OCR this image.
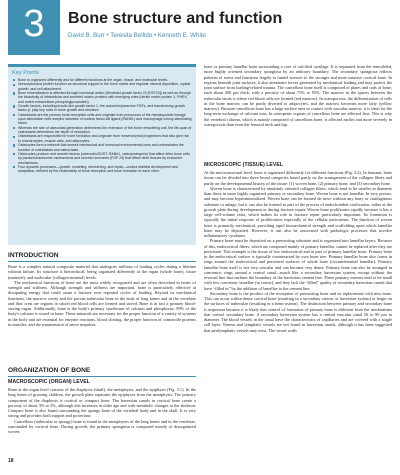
3	Bone structure and function
David B. Burr • Teresita Bellido • Kenneth E. White
Key Points
Bone is organized differently and for different functions at the organ, tissue, and molecular levels.
Nonculptocoica protein function as structural support in the bone matrix and regulate mineral deposition, crystal growth, and cell attachment.
Bone mineralization is affected through hormonal action (fibroblast growth factor 23 [FGF23]) as well as through the bioactivity of intracellular and secreted matrix proteins with emerging roles (dentin matrix protein 1, PHEX, and matrix extracellular phosphoglycoprotein).
Growth factors, including insulin-like growth factor 1, the autocrine/paracrine FGFs, and transforming growth factor-β, play key roles in bone growth and structure.
Osteoblasts are the primary bone-resorptive cells and originate from precursors of the hematopoietic lineage upon stimulation with receptor activator of nuclear factor-κB ligand (RANKL) and macrophage colony-stimulating factor.
Whereas the rate of osteoclast generation determines the extension of the bone remodeling unit, the life-span of osteoclasts determines the depth of resorption.
Osteoblasts are responsible for bone formation and originate from mesenchymal progenitors that also give rise to chondrocytes, muscle cells, and adipocytes.
Osteocytes form a network that senses mechanical and hormonal environmental cues and orchestrates the function of osteoblasts and osteoclasts.
Osteocytes produce and secrete factors (sclerostin/SOST, RANKL, osteoprotegerin) that affect other bone cells by paracrine/autocrine mechanisms and secrete hormones (FGF 23) that affect other tissues by endocrine mechanisms.
Four dynamic processes—growth, modeling, remodeling, and repair—control skeletal development and adaptation, defined by the relationship of bone resorption and bone formation to each other.
INTRODUCTION

Bone is a complex natural composite material that undergoes millions of loading cycles during a lifetime without failure. Its structure is hierarchical, being organized differently at the organ (whole bone), tissue (material), and molecular (collagen-mineral) levels.

The mechanical functions of bone are the most widely recognized and are often described in terms of strength and stiffness. Although strength and stiffness are important, bone is particularly effective at dissipating energy that could cause a fracture over repeated cycles of loading. Beyond its mechanical functions, the marrow cavity and the porous trabecular bone in the ends of long bones and in the vertebrae and iliac crest are regions in which red blood cells are formed and stored. Bone is in fact a primary blood-storing organ. Additionally, bone is the body's primary storehouse of calcium and phosphorus; 99% of the body's calcium is stored in bone. These minerals are necessary for the proper function of a variety of systems in the body and are essential for enzyme reactions, blood clotting, the proper function of contractile proteins in muscles, and the transmission of nerve impulses.

ORGANIZATION OF BONE
MACROSCOPIC (ORGAN) LEVEL

Bone at the organ level consists of the diaphysis (shaft), the metaphysis, and the epiphysis (Fig. 3.1). In the long bones of growing children, the growth plate separates the epiphyses from the metaphysis. The primary component of the diaphysis is cortical or compact bone. The haversian canals in cortical bone create a porosity of about 3% to 5%, although this increases in older age and with metabolic changes to the skeleton. Compact bone is also found surrounding the spongy bone of the vertebral body and in the skull. It is very strong and provides both support and protection.

Cancellous (trabecular or spongy) bone is found in the metaphyses of the long bones and in the vertebrae, surrounded by cortical bone. During growth, the primary spongiosa is composed mostly of disorganized woven

bone or primary lamellar bone surrounding a core of calcified cartilage. It is separated from the remodeled, more highly oriented secondary spongiosa by an arbitrary boundary. The secondary spongiosa reflects patterns of stress and functions largely to funnel stresses to the stronger and more massive cortical bone. In regions beneath joint surfaces, it also attenuates forces generated by mechanical loading and may protect the joint surface from loading-related trauma. The cancellous bone itself is composed of plates and rods of bone, each about 200 μm thick, with a porosity of about 75% to 95%. The marrow in the spaces between the trabecular struts is where red blood cells are formed (red marrow). In osteoporosis, the differentiation of cells in the bone marrow can be partly diverted to adipocytes, and the marrow becomes more fatty (yellow marrow). Because cancellous bone has a large surface area in contact with vascular marrow, it is ideal for the long-term exchange of calcium ions. In osteopenic regions of cancellous bone are affected first. This is why the vertebral column, which is mainly composed of cancellous bone, is affected earlier and more severely in osteoporosis than even the femoral neck and hip.

MICROSCOPIC (TISSUE) LEVEL

At the microstructural level, bone is organized differently for different functions (Fig. 3.2). In humans, bone tissue can be divided into three broad categories based partly on the arrangement of the collagen fibers and partly on the developmental history of the tissue: (1) woven bone, (2) primary bone, and (3) secondary bone.

Woven bone is characterized by randomly oriented collagen fibers, which tend to be smaller in diameter than those in more highly organized primary or secondary bone. Woven bone is not lamellar. In very porous, and may become hypermineralized. Woven bone can be formed de novo without any bony or cartilaginous substrate or anlage, but it can also be formed as part of the process of endochondral ossification, either at the growth plate during development or during fracture repair. Woven bone proliferates rapidly because it has a large cell-volume ratio, which makes its role in fracture repair particularly important. Its formation is typically the initial response of proliferation especially of the cellular periosteum. The function of woven bone is primarily mechanical, providing rapid biomechanical strength and scaffolding upon which lamellar bone may be deposited. However, it can also be associated with pathologic processes that involve inflammatory cytokines.

Primary bone must be deposited on a preexisting substrate and is organized into lamellar layers. Because of this, endocortical fibers, which are composed mainly of primary lamellar, cannot be replaced after they are periosteal. This example is the tissue of low endocortical and in part of primary lamellar bone. Primary bone in the endocortical surface is typically counteracted by own bone tree. Primary lamellar bone also forms in rings around the endocortical and periosteal surfaces of whole bone (circumferential lamellar). Primary lamellar bone itself is not very vascular and can become very dense. Primary bone can also be arranged in concentric rings around a central canal—much like a secondary haversian system, except without the reversal line that outlines the boundary of the haversian cement line. These primary osteons tend to be small with few concentric lamellae (in cortex), and they lack the “filled” quality of secondary haversian canals that have “filled in” by the addition of lamellae to the cement line.

Secondary bone is the product of the resorption of preexisting bone and its replacement with new bone. This can occur within dense cortical bone (resulting in a secondary osteon, or haversian system) or begin on the surfaces of trabeculae (resulting in a hemi-osteon). The distinction between primary and secondary bone is important because it is likely that control of formation of primary bone is different from the mechanisms that control secondary bone. A secondary haversian system has a central vascular canal 50 to 90 μm in diameter. The blood vessels in the canal have the characteristics of capillaries and are covered with a single cell layer. Venous and lymphatic vessels are not found in haversian canals, although it has been suggested that perilymphatic vessels may exist. The vessel walls

18
